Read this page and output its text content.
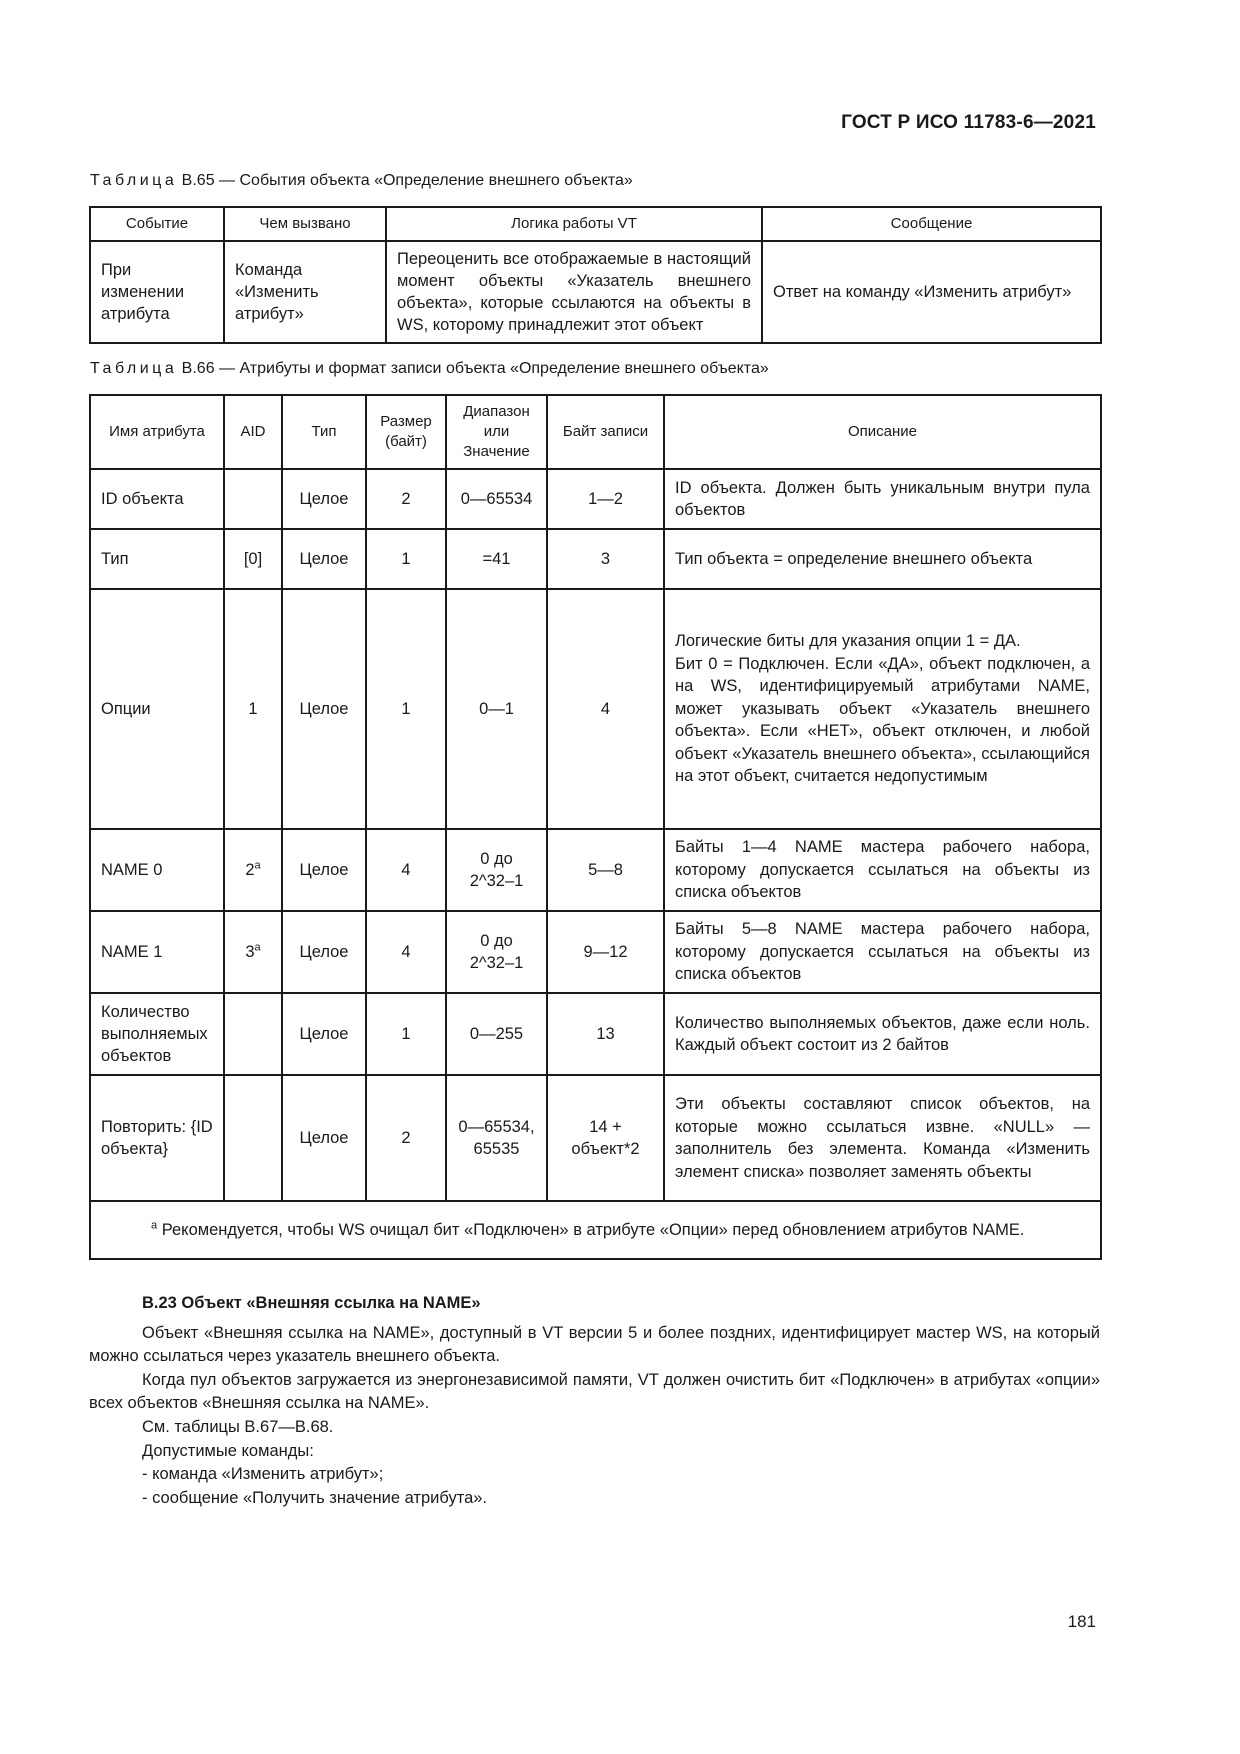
ГОСТ Р ИСО 11783-6—2021
Таблица В.65 — События объекта «Определение внешнего объекта»
Событие	Чем вызвано	Логика работы VT	Сообщение
При изменении атрибута	Команда «Изменить атрибут»	Переоценить все отображаемые в настоящий момент объекты «Указатель внешнего объекта», которые ссылаются на объекты в WS, которому принадлежит этот объект	Ответ на команду «Изменить атрибут»
Таблица В.66 — Атрибуты и формат записи объекта «Определение внешнего объекта»
Имя атрибута	AID	Тип	Размер (байт)	Диапазон или Значение	Байт записи	Описание
ID объекта		Целое	2	0—65534	1—2	ID объекта. Должен быть уникальным внутри пула объектов
Тип	[0]	Целое	1	=41	3	Тип объекта = определение внешнего объекта
Опции	1	Целое	1	0—1	4	Логические биты для указания опции 1 = ДА.
Бит 0 = Подключен. Если «ДА», объект подключен, а на WS, идентифицируемый атрибутами NAME, может указывать объект «Указатель внешнего объекта». Если «НЕТ», объект отключен, и любой объект «Указатель внешнего объекта», ссылающийся на этот объект, считается недопустимым

NAME 0	2$^a$	Целое	4	0 до 2^32–1	5—8	Байты 1—4 NAME мастера рабочего набора, которому допускается ссылаться на объекты из списка объектов
NAME 1	3$^a$	Целое	4	0 до 2^32–1	9—12	Байты 5—8 NAME мастера рабочего набора, которому допускается ссылаться на объекты из списка объектов
Количество выполняемых объектов		Целое	1	0—255	13	Количество выполняемых объектов, даже если ноль. Каждый объект состоит из 2 байтов
Повторить: {ID объекта}		Целое	2	0—65534, 65535	14 + объект*2	Эти объекты составляют список объектов, на которые можно ссылаться извне. «NULL» — заполнитель без элемента. Команда «Изменить элемент списка» позволяет заменять объекты
$^a$ Рекомендуется, чтобы WS очищал бит «Подключен» в атрибуте «Опции» перед обновлением атрибутов NAME.						
В.23 Объект «Внешняя ссылка на NAME»

Объект «Внешняя ссылка на NAME», доступный в VT версии 5 и более поздних, идентифицирует мастер WS, на который можно ссылаться через указатель внешнего объекта.

Когда пул объектов загружается из энергонезависимой памяти, VT должен очистить бит «Подключен» в атрибутах «опции» всех объектов «Внешняя ссылка на NAME».

См. таблицы В.67—В.68.

Допустимые команды:

- команда «Изменить атрибут»;
- сообщение «Получить значение атрибута».
181
